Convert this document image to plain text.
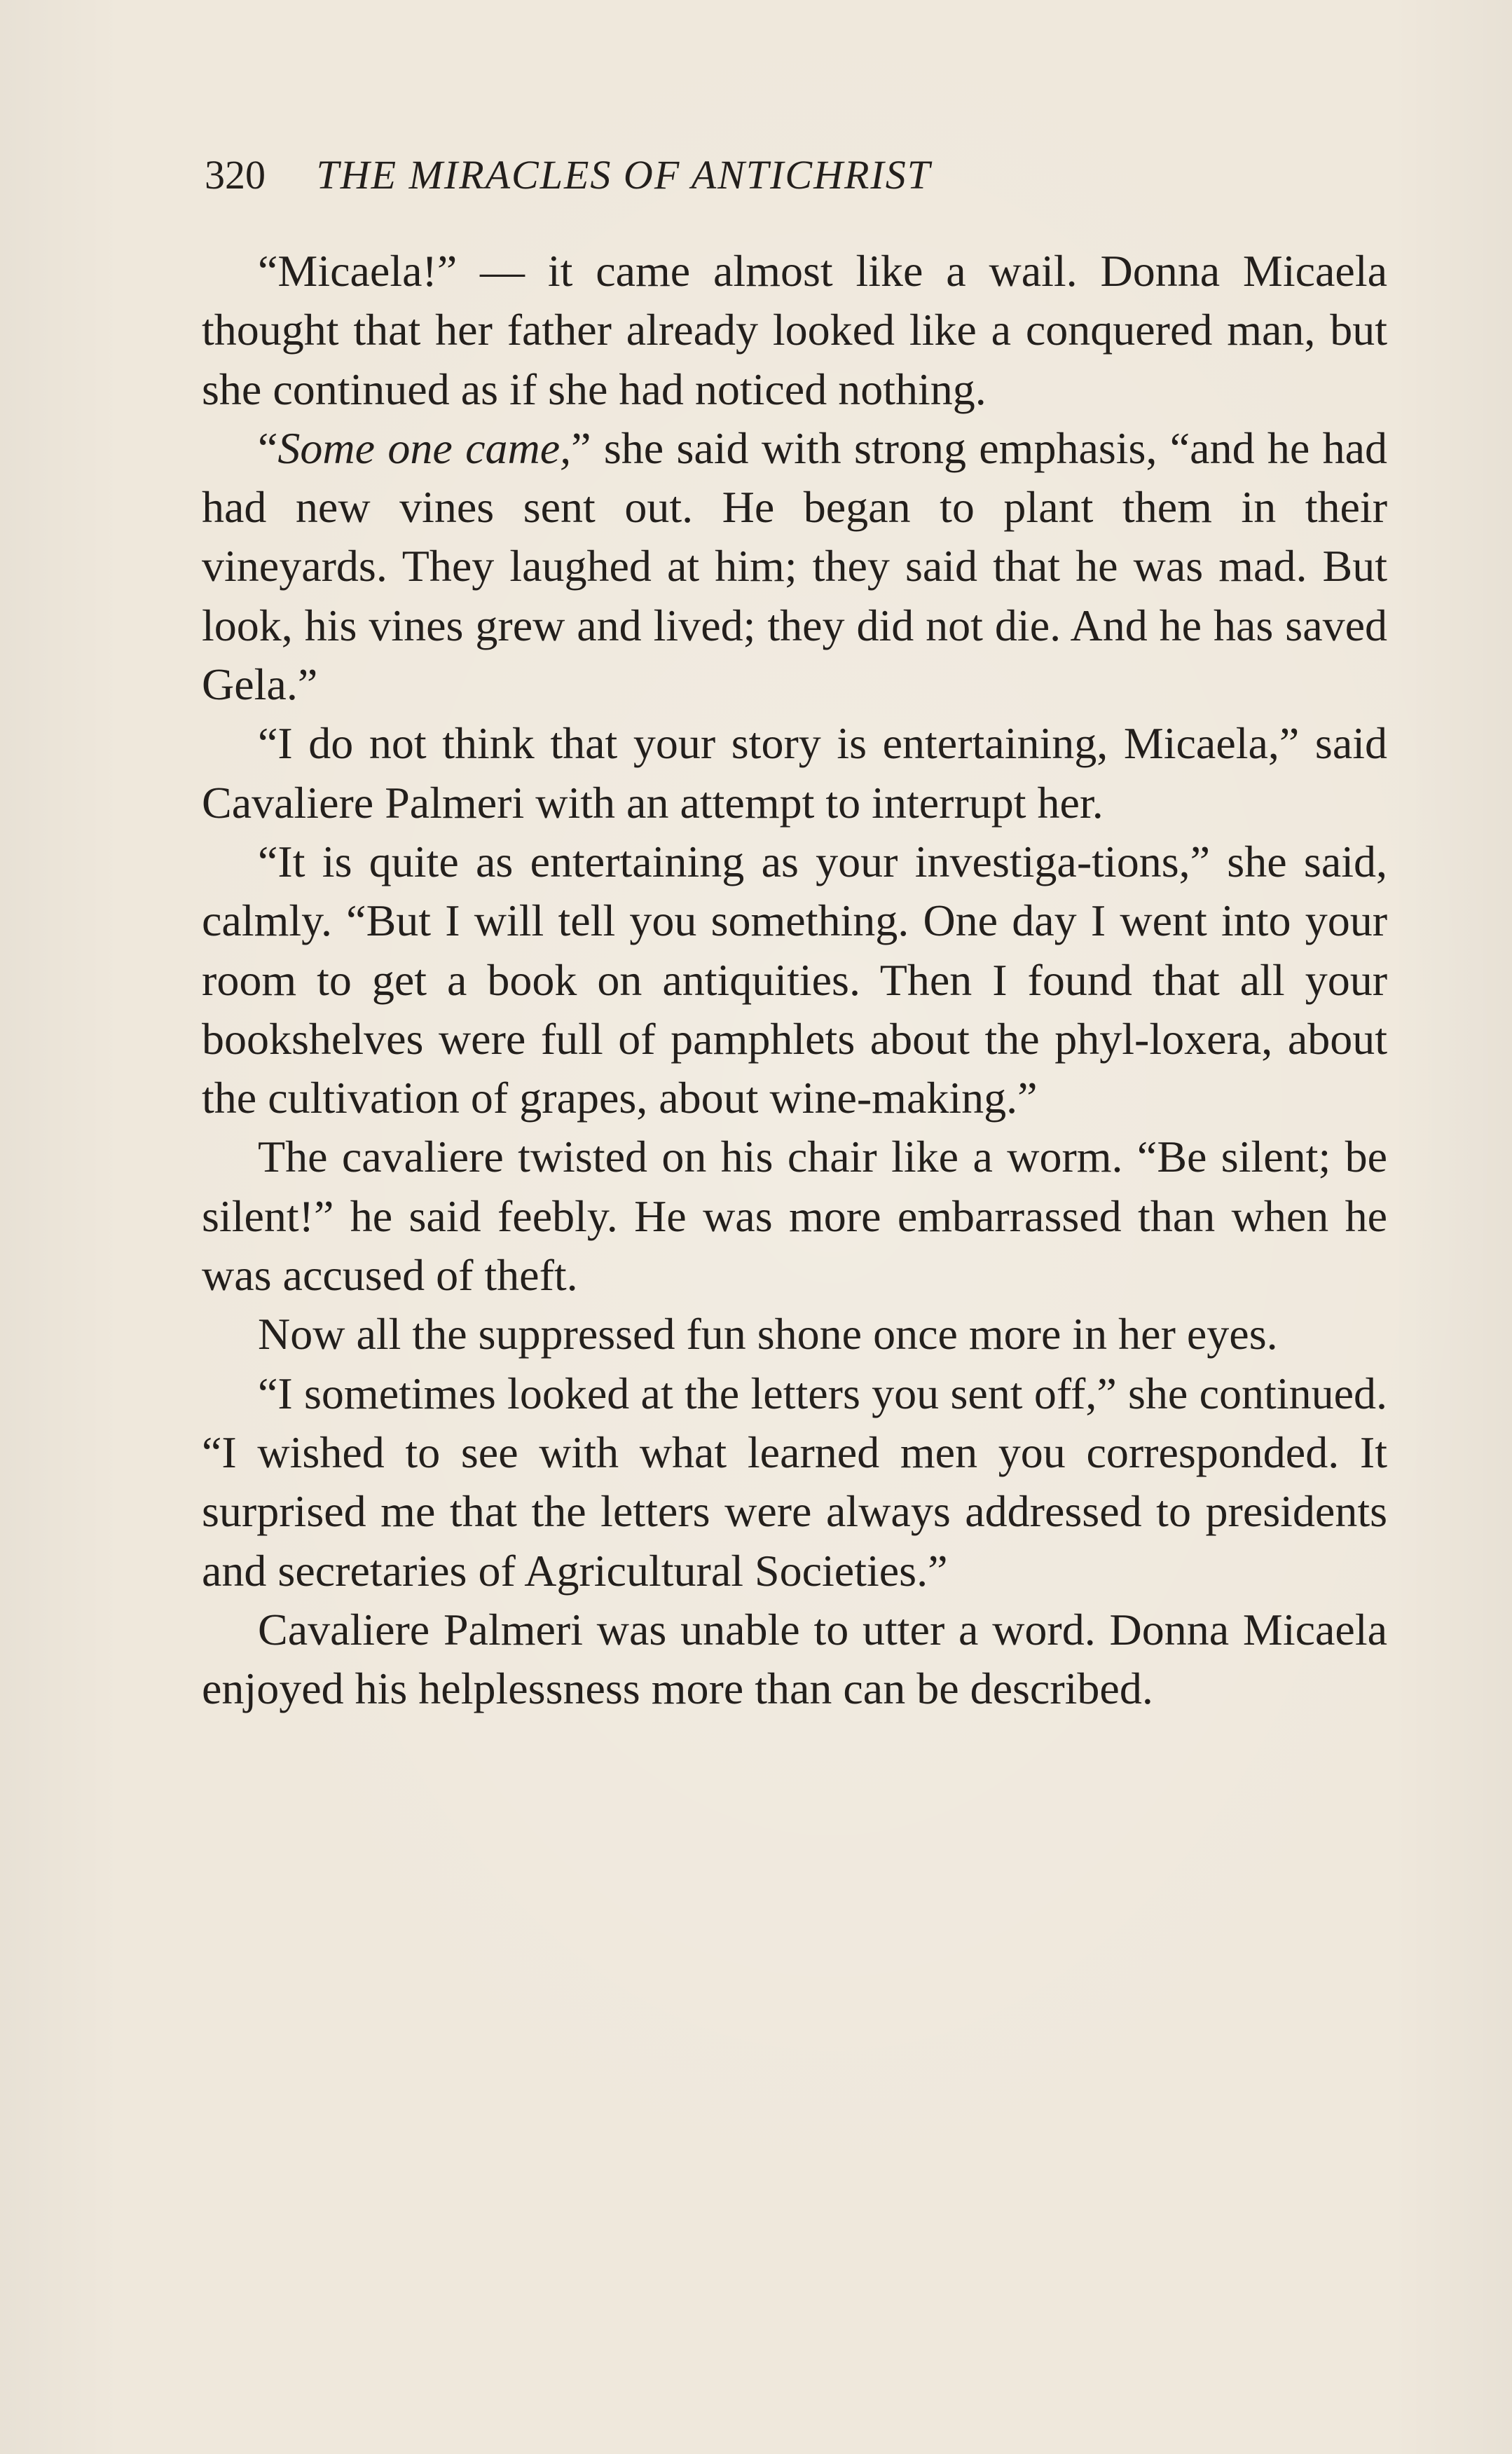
320 THE MIRACLES OF ANTICHRIST

“Micaela!” — it came almost like a wail. Donna Micaela thought that her father already looked like a conquered man, but she continued as if she had noticed nothing.

“Some one came,” she said with strong emphasis, “and he had had new vines sent out. He began to plant them in their vineyards. They laughed at him; they said that he was mad. But look, his vines grew and lived; they did not die. And he has saved Gela.”

“I do not think that your story is entertaining, Micaela,” said Cavaliere Palmeri with an attempt to interrupt her.

“It is quite as entertaining as your investiga-tions,” she said, calmly. “But I will tell you something. One day I went into your room to get a book on antiquities. Then I found that all your bookshelves were full of pamphlets about the phyl-loxera, about the cultivation of grapes, about wine-making.”

The cavaliere twisted on his chair like a worm. “Be silent; be silent!” he said feebly. He was more embarrassed than when he was accused of theft.

Now all the suppressed fun shone once more in her eyes.

“I sometimes looked at the letters you sent off,” she continued. “I wished to see with what learned men you corresponded. It surprised me that the letters were always addressed to presidents and secretaries of Agricultural Societies.”

Cavaliere Palmeri was unable to utter a word. Donna Micaela enjoyed his helplessness more than can be described.
